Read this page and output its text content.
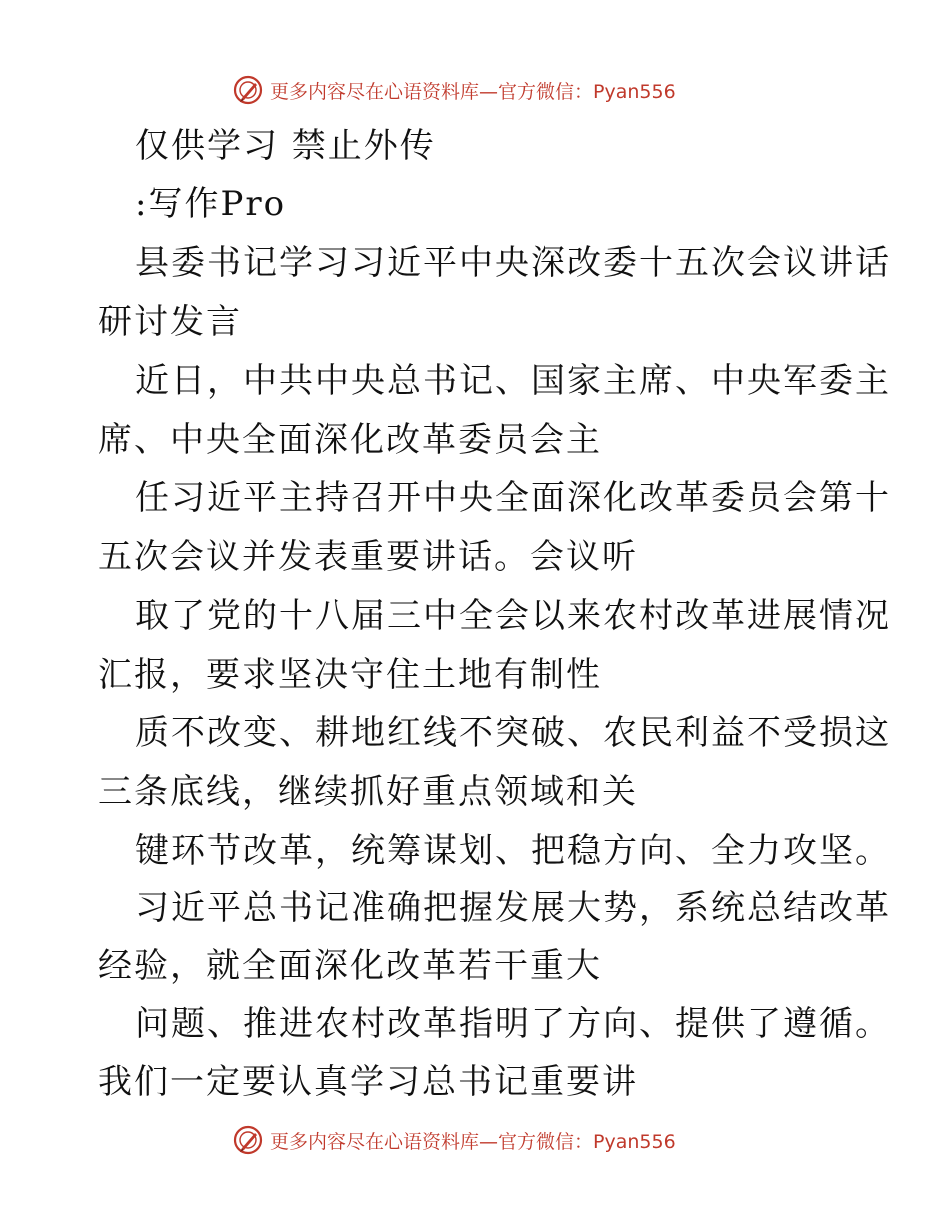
更多内容尽在心语资料库—官方微信：Pyan556
仅供学习 禁止外传
:写作Pro
县委书记学习习近平中央深改委十五次会议讲话
研讨发言
近日，中共中央总书记、国家主席、中央军委主
席、中央全面深化改革委员会主
任习近平主持召开中央全面深化改革委员会第十
五次会议并发表重要讲话。会议听
取了党的十八届三中全会以来农村改革进展情况
汇报，要求坚决守住土地有制性
质不改变、耕地红线不突破、农民利益不受损这
三条底线，继续抓好重点领域和关
键环节改革，统筹谋划、把稳方向、全力攻坚。
习近平总书记准确把握发展大势，系统总结改革
经验，就全面深化改革若干重大
问题、推进农村改革指明了方向、提供了遵循。
我们一定要认真学习总书记重要讲
更多内容尽在心语资料库—官方微信：Pyan556
